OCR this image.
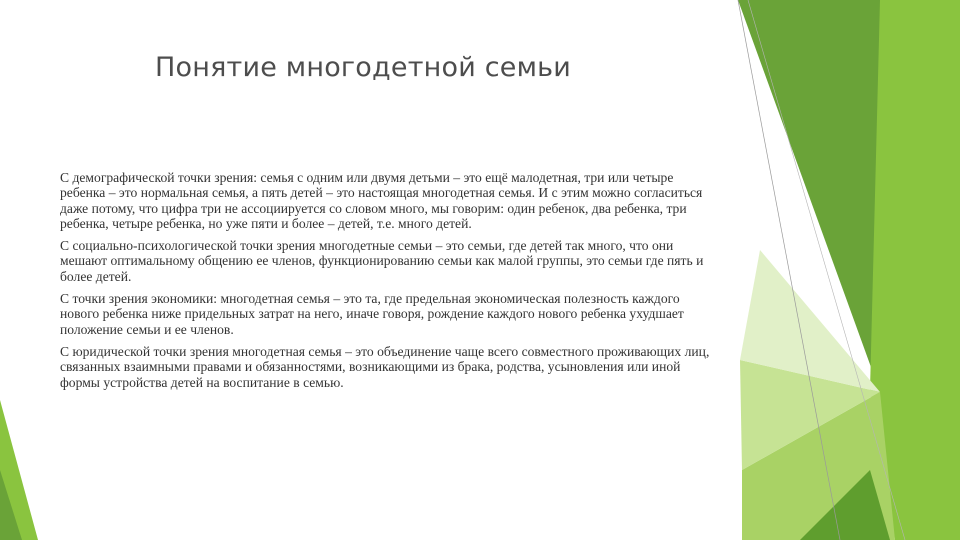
Понятие многодетной семьи

С демографической точки зрения: семья с одним или двумя детьми – это ещё малодетная, три или четыре ребенка – это нормальная семья, а пять детей – это настоящая многодетная семья. И с этим можно согласиться даже потому, что цифра три не ассоциируется со словом много, мы говорим: один ребенок, два ребенка, три ребенка, четыре ребенка, но уже пяти и более – детей, т.е. много детей.

С социально-психологической точки зрения многодетные семьи – это семьи, где детей так много, что они мешают оптимальному общению ее членов, функционированию семьи как малой группы, это семьи где пять и более детей.

С точки зрения экономики: многодетная семья – это та, где предельная экономическая полезность каждого нового ребенка ниже придельных затрат на него, иначе говоря, рождение каждого нового ребенка ухудшает положение семьи и ее членов.

С юридической точки зрения многодетная семья – это объединение чаще всего совместного проживающих лиц, связанных взаимными правами и обязанностями, возникающими из брака, родства, усыновления или иной формы устройства детей на воспитание в семью.
